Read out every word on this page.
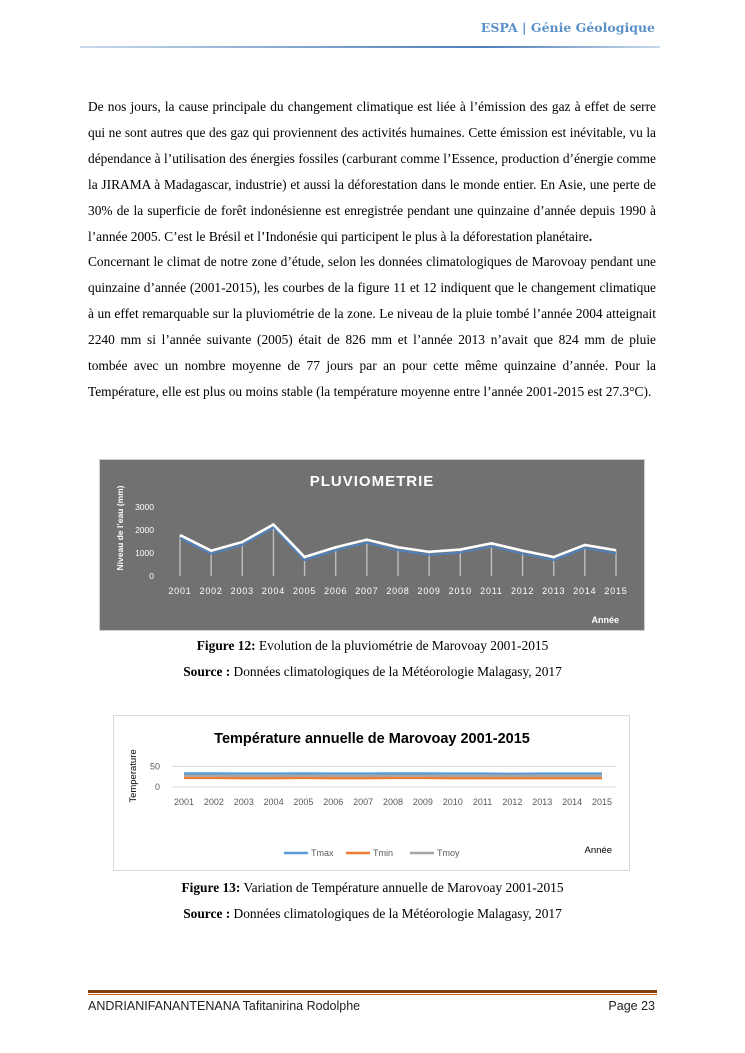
ESPA | Génie Géologique

De nos jours, la cause principale du changement climatique est liée à l’émission des gaz à effet de serre qui ne sont autres que des gaz qui proviennent des activités humaines. Cette émission est inévitable, vu la dépendance à l’utilisation des énergies fossiles (carburant comme l’Essence, production d’énergie comme la JIRAMA à Madagascar, industrie) et aussi la déforestation dans le monde entier. En Asie, une perte de 30% de la superficie de forêt indonésienne est enregistrée pendant une quinzaine d’année depuis 1990 à l’année 2005. C’est le Brésil et l’Indonésie qui participent le plus à la déforestation planétaire.

Concernant le climat de notre zone d’étude, selon les données climatologiques de Marovoay pendant une quinzaine d’année (2001-2015), les courbes de la figure 11 et 12 indiquent que le changement climatique à un effet remarquable sur la pluviométrie de la zone. Le niveau de la pluie tombé l’année 2004 atteignait 2240 mm si l’année suivante (2005) était de 826 mm et l’année 2013 n’avait que 824 mm de pluie tombée avec un nombre moyenne de 77 jours par an pour cette même quinzaine d’année. Pour la Température, elle est plus ou moins stable (la température moyenne entre l’année 2001-2015 est 27.3°C).

PLUVIOMETRIE
Niveau de l’eau (mm)
Année
0
1000
2000
3000
2001 2002 2003 2004 2005 2006 2007 2008 2009 2010 2011 2012 2013 2014 2015
Figure 12: Evolution de la pluviométrie de Marovoay 2001-2015
Source : Données climatologiques de la Météorologie Malagasy, 2017
Température annuelle de Marovoay 2001-2015
Temperature
Année
0
50
2001 2002 2003 2004 2005 2006 2007 2008 2009 2010 2011 2012 2013 2014 2015
Tmax	Tmin	Tmoy
Figure 13: Variation de Température annuelle de Marovoay 2001-2015
Source : Données climatologiques de la Météorologie Malagasy, 2017
ANDRIANIFANANTENANA Tafitanirina Rodolphe	Page 23
